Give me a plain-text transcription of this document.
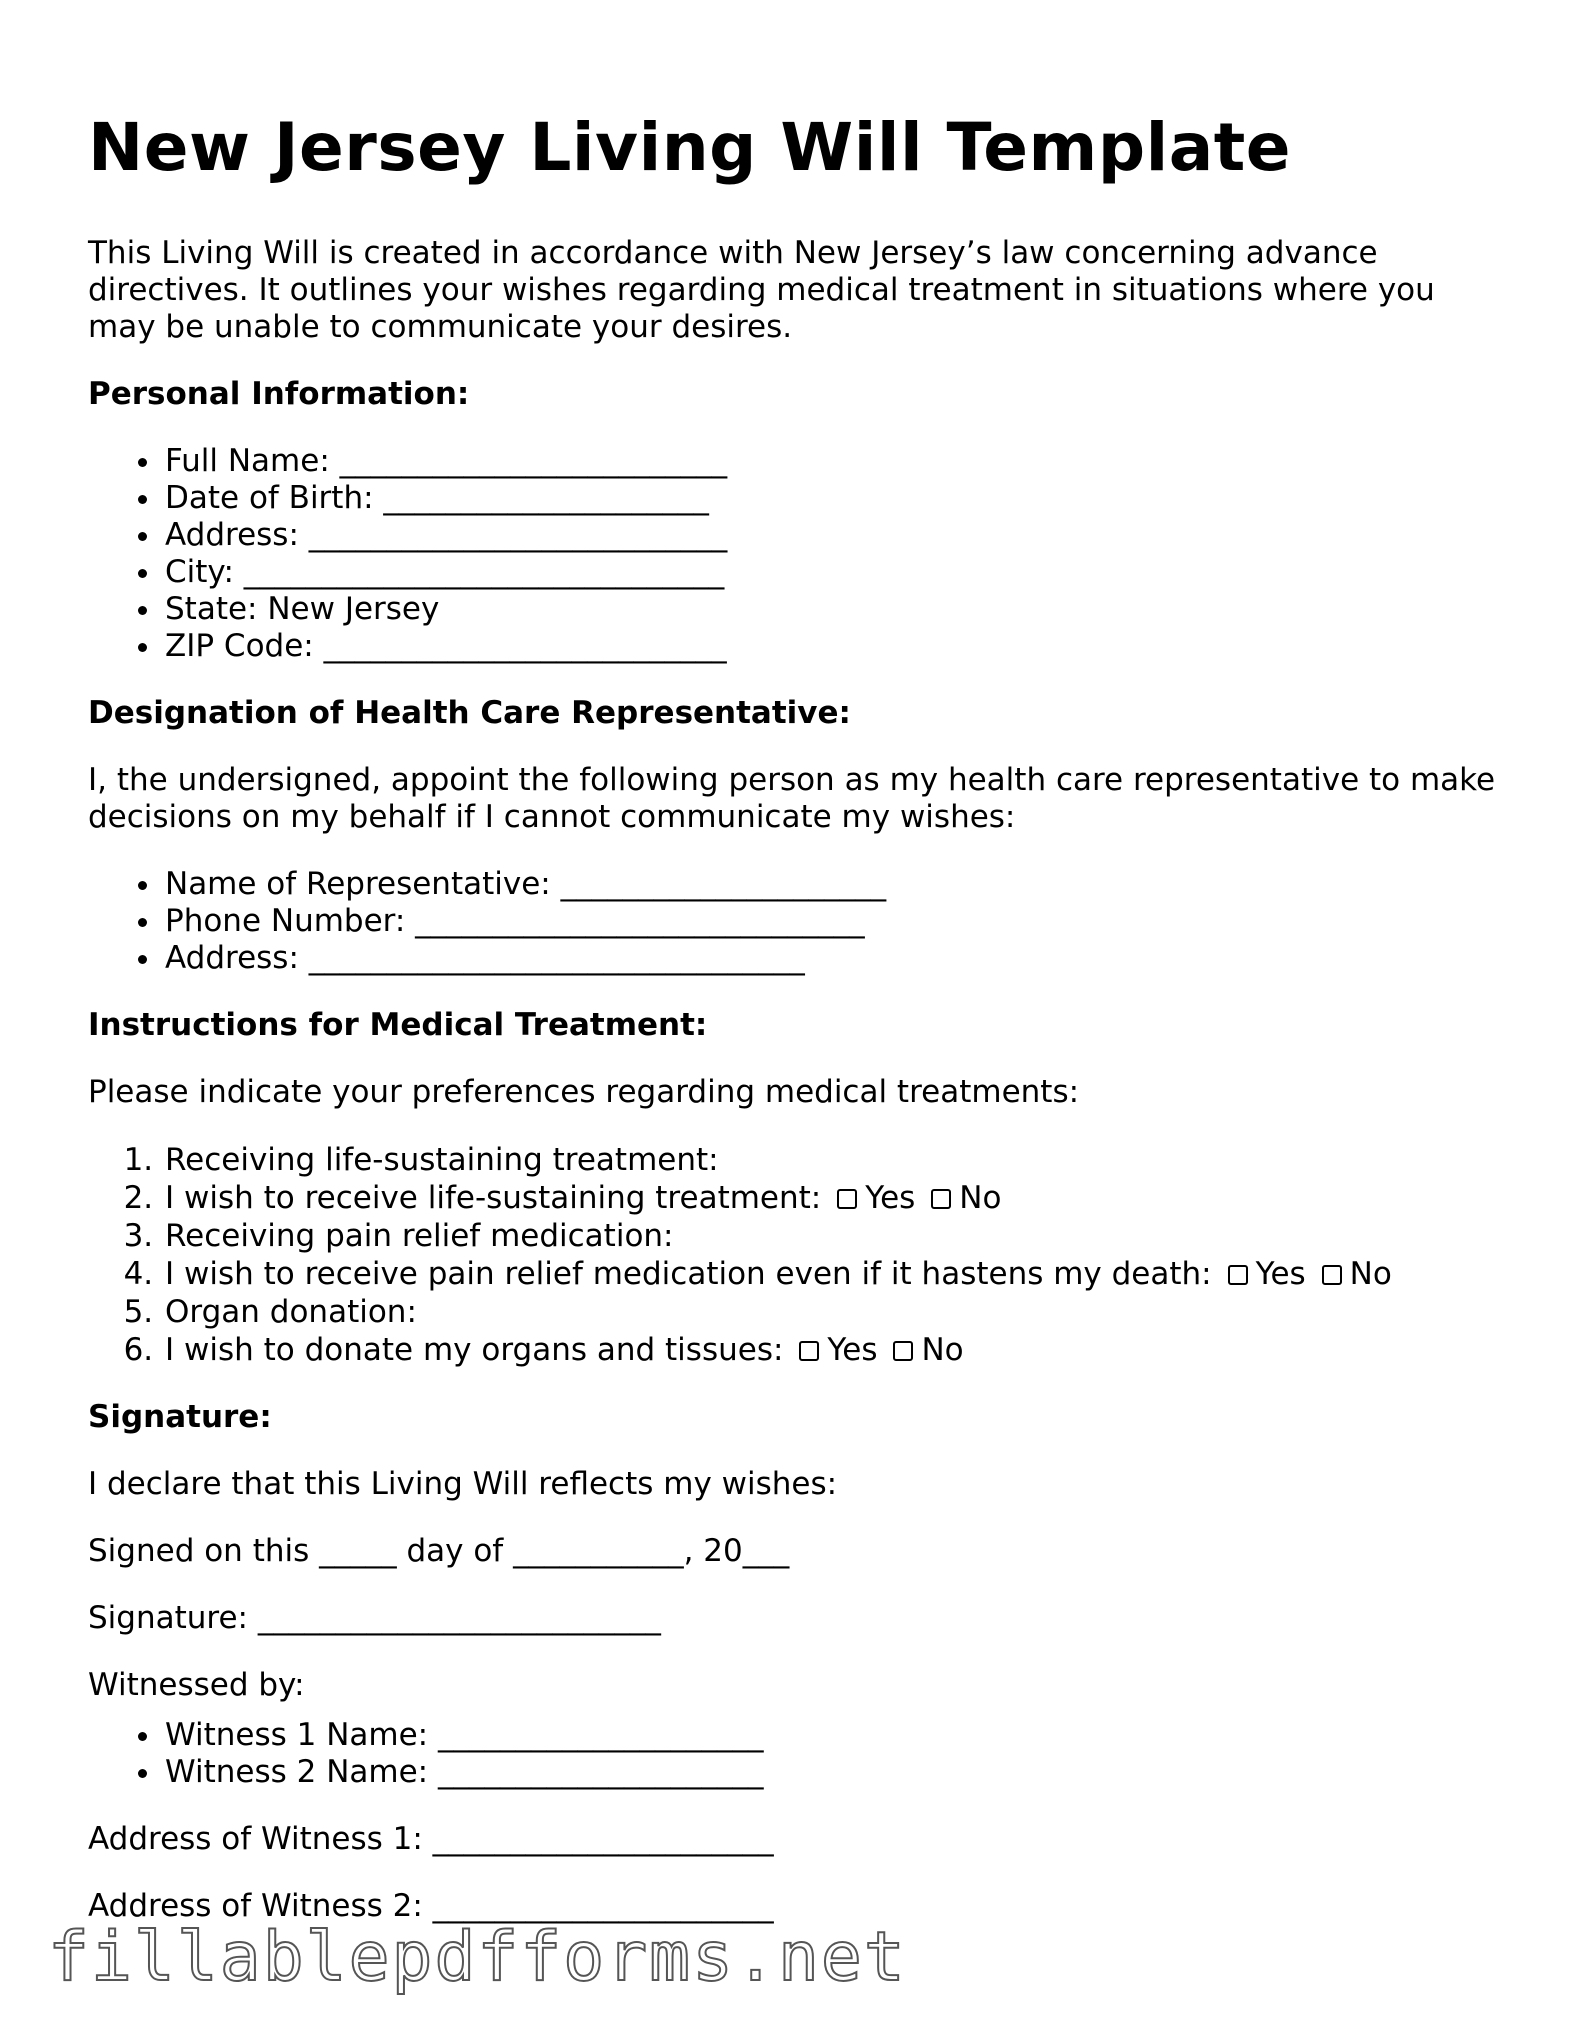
New Jersey Living Will Template

This Living Will is created in accordance with New Jersey’s law concerning advance directives. It outlines your wishes regarding medical treatment in situations where you may be unable to communicate your desires.

Personal Information:
• Full Name: _________________________
• Date of Birth: _____________________
• Address: ___________________________
• City: _______________________________
• State: New Jersey
• ZIP Code: __________________________
Designation of Health Care Representative:

I, the undersigned, appoint the following person as my health care representative to make decisions on my behalf if I cannot communicate my wishes:

• Name of Representative: _____________________
• Phone Number: _____________________________
• Address: ________________________________
Instructions for Medical Treatment:

Please indicate your preferences regarding medical treatments:

1. Receiving life-sustaining treatment:
2. I wish to receive life-sustaining treatment: Yes No
3. Receiving pain relief medication:
4. I wish to receive pain relief medication even if it hastens my death: Yes No
5. Organ donation:
6. I wish to donate my organs and tissues: Yes No
Signature:

I declare that this Living Will reflects my wishes:

Signed on this _____ day of ___________, 20___

Signature: __________________________

Witnessed by:

• Witness 1 Name: _____________________
• Witness 2 Name: _____________________

Address of Witness 1: ______________________

Address of Witness 2: ______________________

fillablepdfforms.net
